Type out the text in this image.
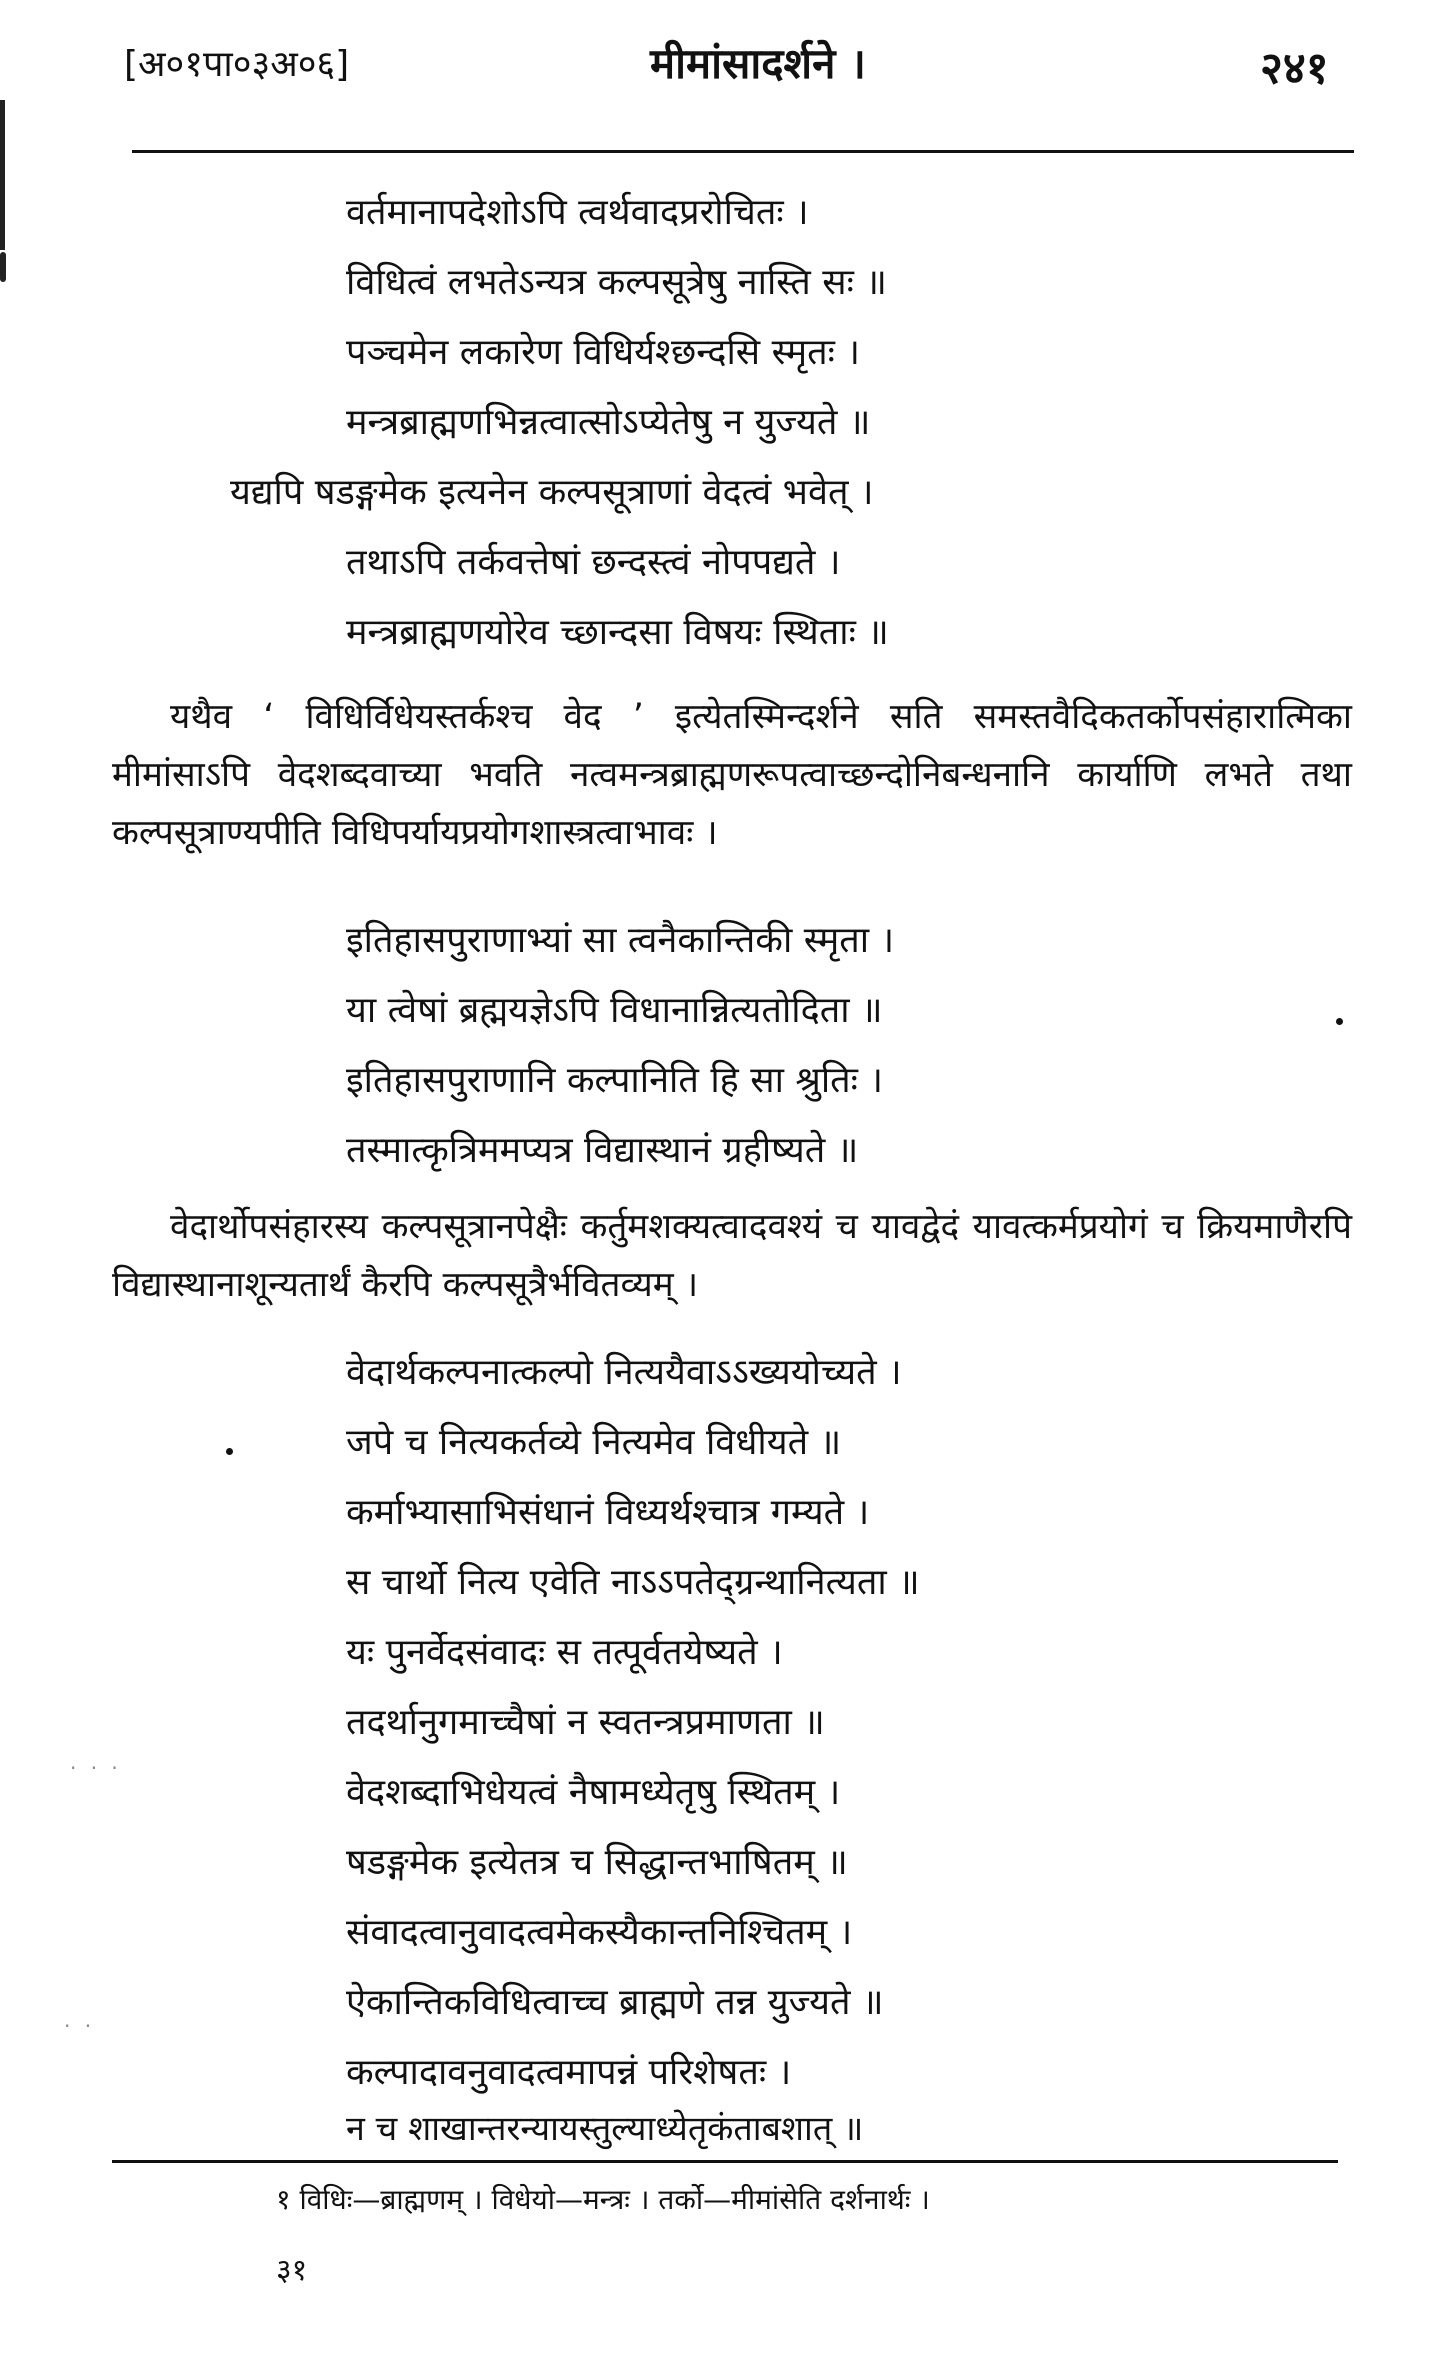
[अ०१पा०३अ०६]	मीमांसादर्शने ।	२४१
वर्तमानापदेशोऽपि त्वर्थवादप्ररोचितः ।
विधित्वं लभतेऽन्यत्र कल्पसूत्रेषु नास्ति सः ॥
पञ्चमेन लकारेण विधिर्यश्छन्दसि स्मृतः ।
मन्त्रब्राह्मणभिन्नत्वात्सोऽप्येतेषु न युज्यते ॥
यद्यपि षडङ्गमेक इत्यनेन कल्पसूत्राणां वेदत्वं भवेत् ।
तथाऽपि तर्कवत्तेषां छन्दस्त्वं नोपपद्यते ।
मन्त्रब्राह्मणयोरेव च्छान्दसा विषयः स्थिताः ॥
यथैव ‘ विधिर्विधेयस्तर्कश्च वेद ’ इत्येतस्मिन्दर्शने सति समस्तवैदिकतर्कोपसंहारात्मिका मीमांसाऽपि वेदशब्दवाच्या भवति नत्वमन्त्रब्राह्मणरूपत्वाच्छन्दोनिबन्धनानि कार्याणि लभते तथा कल्पसूत्राण्यपीति विधिपर्यायप्रयोगशास्त्रत्वाभावः ।
इतिहासपुराणाभ्यां सा त्वनैकान्तिकी स्मृता ।
या त्वेषां ब्रह्मयज्ञेऽपि विधानान्नित्यतोदिता ॥
इतिहासपुराणानि कल्पानिति हि सा श्रुतिः ।
तस्मात्कृत्रिममप्यत्र विद्यास्थानं ग्रहीष्यते ॥
वेदार्थोपसंहारस्य कल्पसूत्रानपेक्षैः कर्तुमशक्यत्वादवश्यं च यावद्वेदं यावत्कर्मप्रयोगं च क्रियमाणैरपि विद्यास्थानाशून्यतार्थं कैरपि कल्पसूत्रैर्भवितव्यम् ।
वेदार्थकल्पनात्कल्पो नित्ययैवाऽऽख्ययोच्यते ।
जपे च नित्यकर्तव्ये नित्यमेव विधीयते ॥
कर्माभ्यासाभिसंधानं विध्यर्थश्चात्र गम्यते ।
स चार्थो नित्य एवेति नाऽऽपतेद्ग्रन्थानित्यता ॥
यः पुनर्वेदसंवादः स तत्पूर्वतयेष्यते ।
तदर्थानुगमाच्चैषां न स्वतन्त्रप्रमाणता ॥
वेदशब्दाभिधेयत्वं नैषामध्येतृषु स्थितम् ।
षडङ्गमेक इत्येतत्र च सिद्धान्तभाषितम् ॥
संवादत्वानुवादत्वमेकस्यैकान्तनिश्चितम् ।
ऐकान्तिकविधित्वाच्च ब्राह्मणे तन्न युज्यते ॥
कल्पादावनुवादत्वमापन्नं परिशेषतः ।
न च शाखान्तरन्यायस्तुल्याध्येतृकंताबशात् ॥
· · ·
· ·
१ विधिः—ब्राह्मणम् । विधेयो—मन्त्रः । तर्को—मीमांसेति दर्शनार्थः ।
३१
